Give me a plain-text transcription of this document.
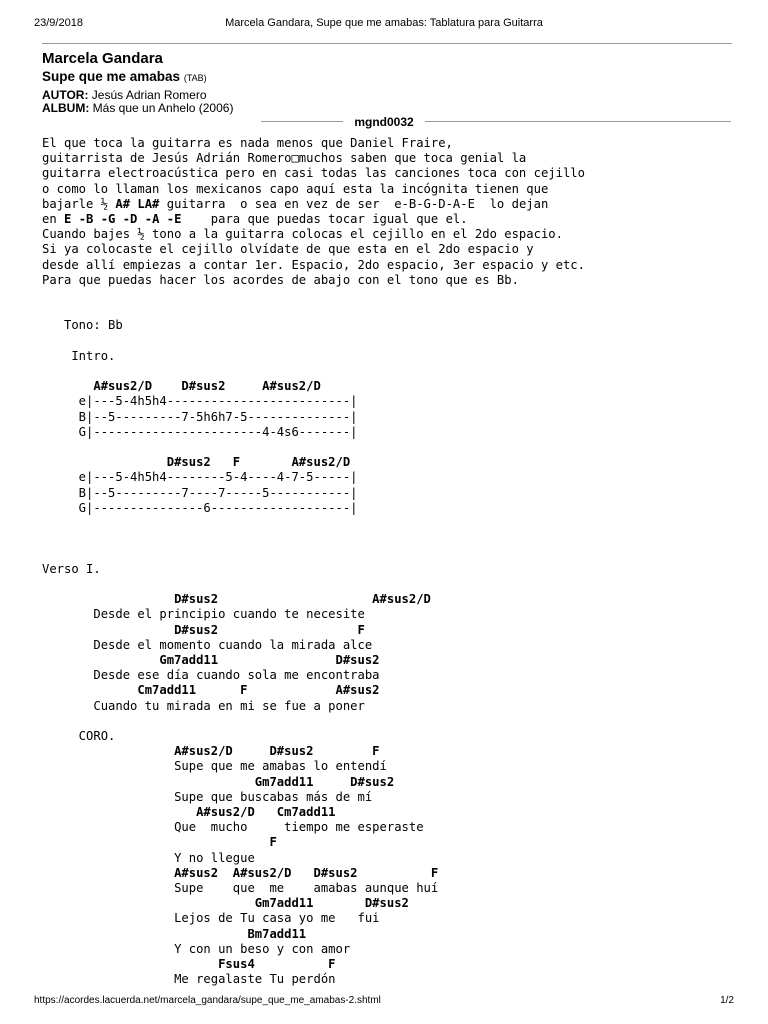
23/9/2018	Marcela Gandara, Supe que me amabas: Tablatura para Guitarra
Marcela Gandara
Supe que me amabas (TAB)
AUTOR: Jesús Adrian Romero
ALBUM: Más que un Anhelo (2006)
mgnd0032
El que toca la guitarra es nada menos que Daniel Fraire,
guitarrista de Jesús Adrián Romero□muchos saben que toca genial la
guitarra electroacústica pero en casi todas las canciones toca con cejillo
o como lo llaman los mexicanos capo aquí esta la incógnita tienen que
bajarle ½ A# LA# guitarra  o sea en vez de ser  e-B-G-D-A-E  lo dejan
en E -B -G -D -A -E    para que puedas tocar igual que el.
Cuando bajes ½ tono a la guitarra colocas el cejillo en el 2do espacio.
Si ya colocaste el cejillo olvídate de que esta en el 2do espacio y
desde allí empiezas a contar 1er. Espacio, 2do espacio, 3er espacio y etc.
Para que puedas hacer los acordes de abajo con el tono que es Bb.

Tono: Bb

Intro.

A#sus2/D    D#sus2     A#sus2/D
e|---5-4h5h4-------------------------|
B|--5---------7-5h6h7-5--------------|
G|-----------------------4-4s6-------|

D#sus2   F       A#sus2/D
e|---5-4h5h4--------5-4----4-7-5-----|
B|--5---------7----7-----5-----------|
G|---------------6-------------------|

Verso I.

D#sus2                     A#sus2/D
Desde el principio cuando te necesite
D#sus2                   F
Desde el momento cuando la mirada alce
Gm7add11                D#sus2
Desde ese día cuando sola me encontraba
Cm7add11      F            A#sus2
Cuando tu mirada en mi se fue a poner

CORO.
A#sus2/D     D#sus2        F
Supe que me amabas lo entendí
Gm7add11     D#sus2
Supe que buscabas más de mí
A#sus2/D   Cm7add11
Que  mucho     tiempo me esperaste
F
Y no llegue
A#sus2  A#sus2/D   D#sus2          F
Supe    que  me    amabas aunque huí
Gm7add11       D#sus2
Lejos de Tu casa yo me   fui
Bm7add11
Y con un beso y con amor
Fsus4          F
Me regalaste Tu perdón
https://acordes.lacuerda.net/marcela_gandara/supe_que_me_amabas-2.shtml	1/2
